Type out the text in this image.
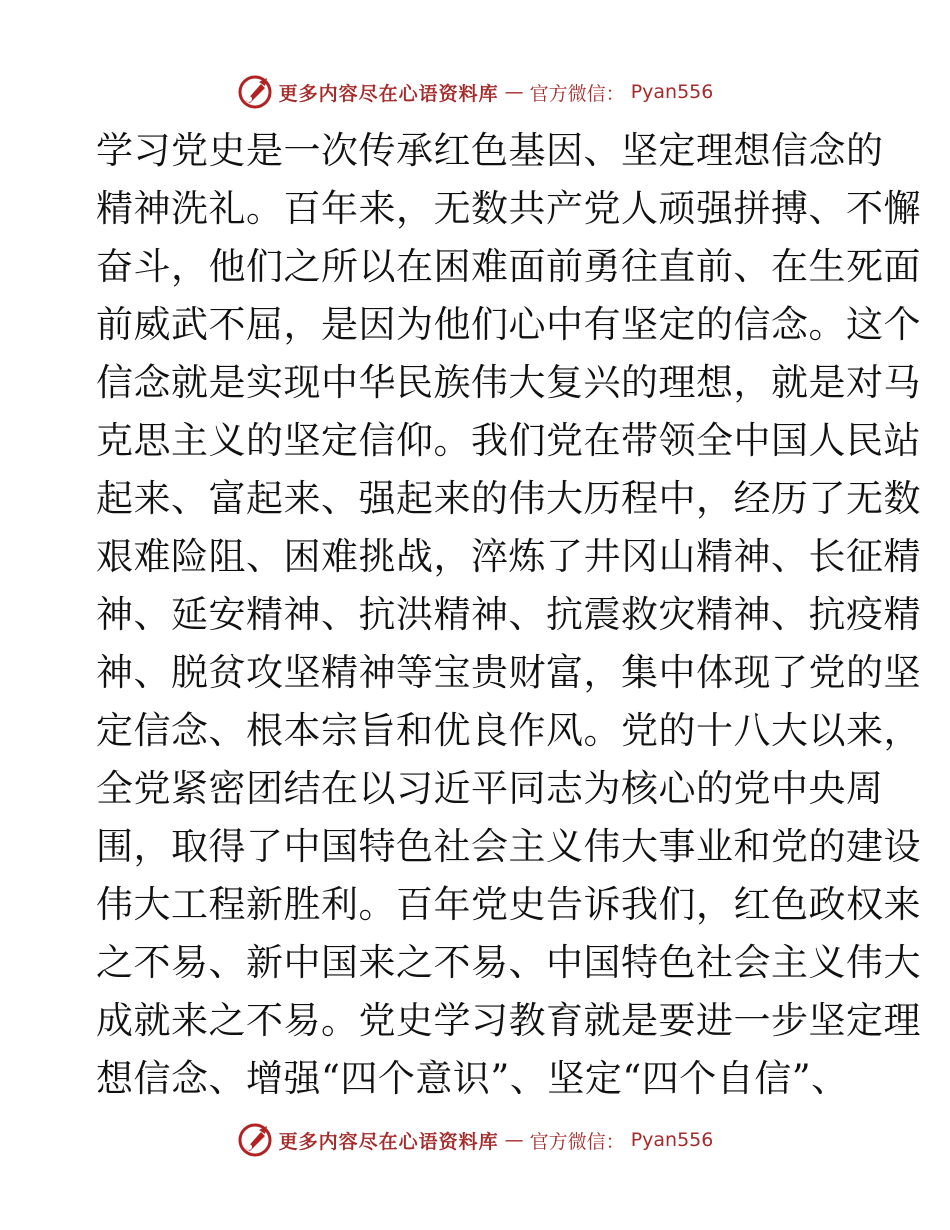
更多内容尽在心语资料库 — 官方微信： Pyan556
学习党史是一次传承红色基因、坚定理想信念的
精神洗礼。百年来，无数共产党人顽强拼搏、不懈
奋斗，他们之所以在困难面前勇往直前、在生死面
前威武不屈，是因为他们心中有坚定的信念。这个
信念就是实现中华民族伟大复兴的理想，就是对马
克思主义的坚定信仰。我们党在带领全中国人民站
起来、富起来、强起来的伟大历程中，经历了无数
艰难险阻、困难挑战，淬炼了井冈山精神、长征精
神、延安精神、抗洪精神、抗震救灾精神、抗疫精
神、脱贫攻坚精神等宝贵财富，集中体现了党的坚
定信念、根本宗旨和优良作风。党的十八大以来，
全党紧密团结在以习近平同志为核心的党中央周
围，取得了中国特色社会主义伟大事业和党的建设
伟大工程新胜利。百年党史告诉我们，红色政权来
之不易、新中国来之不易、中国特色社会主义伟大
成就来之不易。党史学习教育就是要进一步坚定理
想信念、增强“四个意识”、坚定“四个自信”、
更多内容尽在心语资料库 — 官方微信： Pyan556
